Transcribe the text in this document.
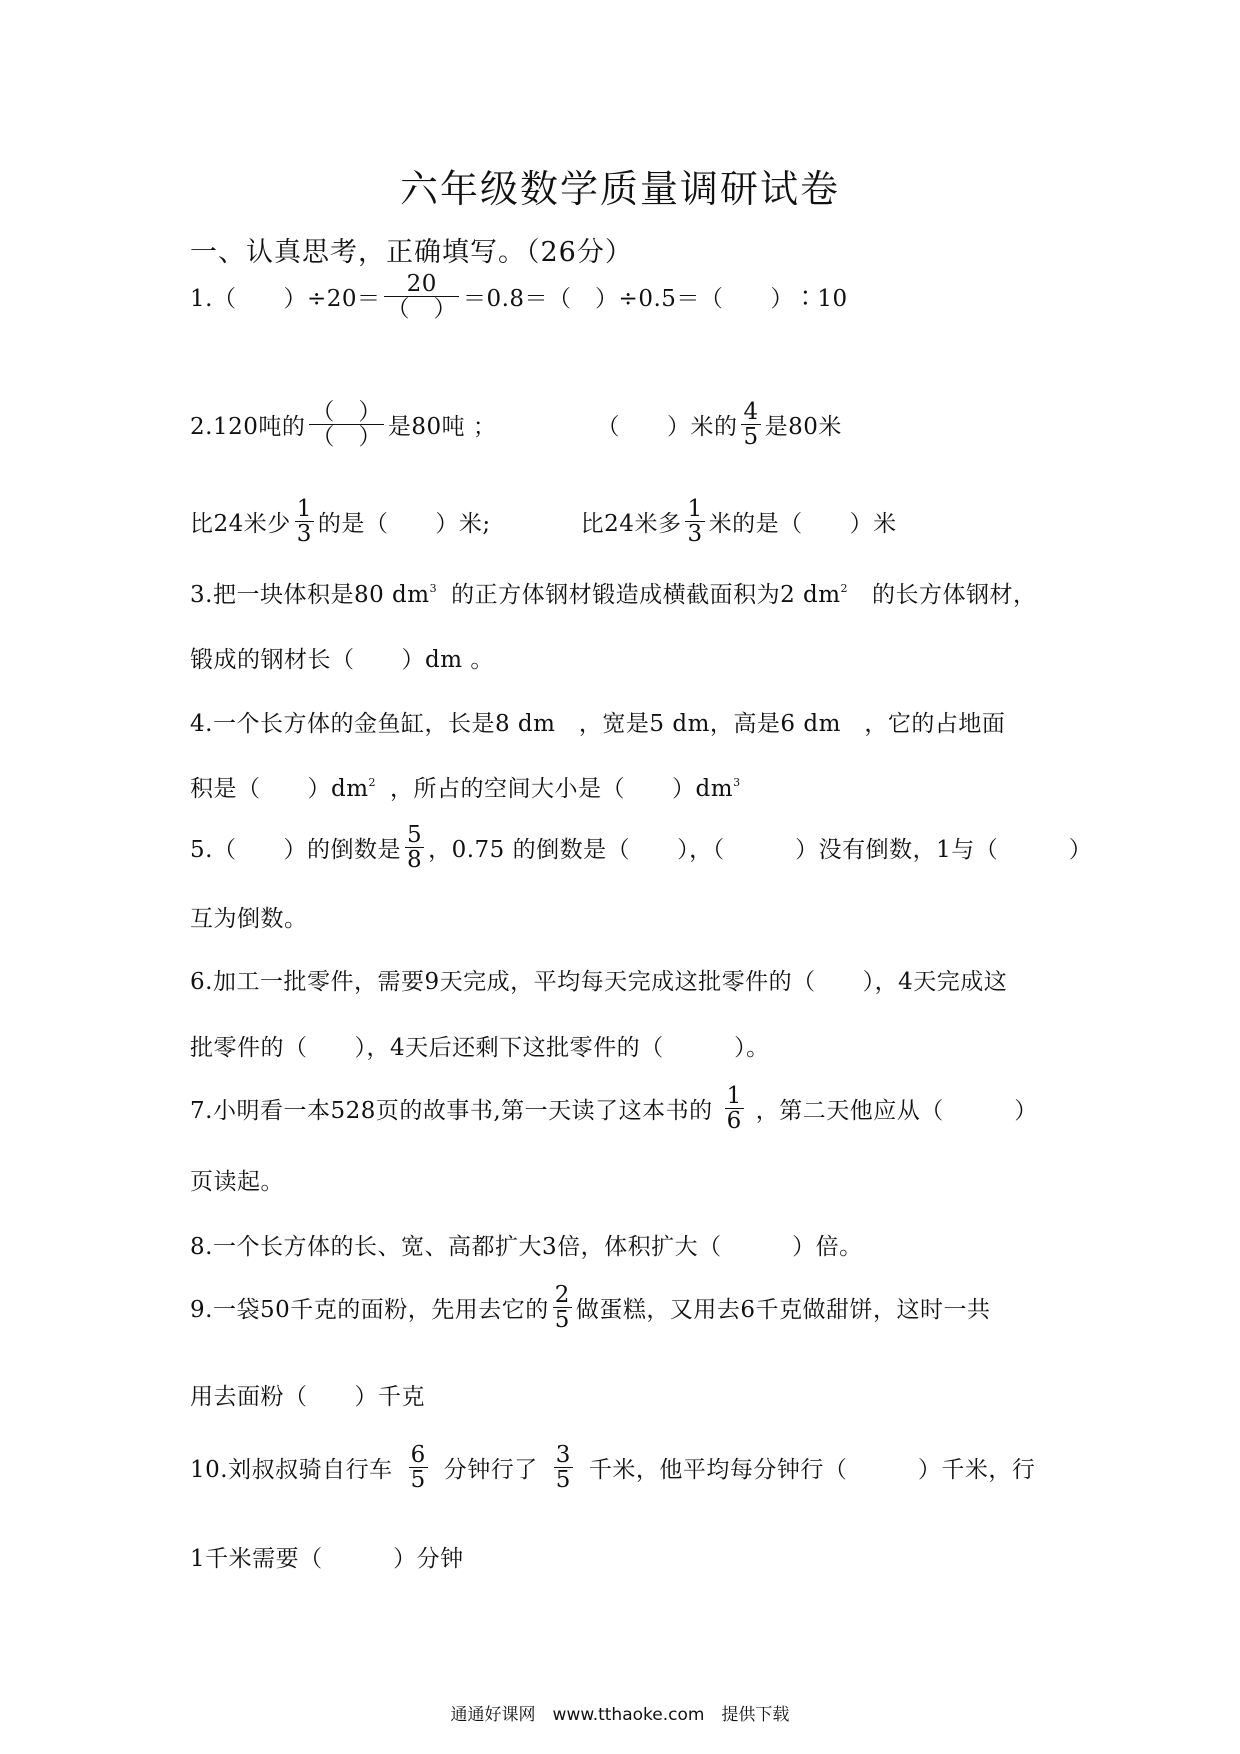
六年级数学质量调研试卷
一、认真思考，正确填写。（26分）
1.（　　）$\div 20= \frac{20}{( )} =0.8=$（　）÷0.5＝（　　）∶10
2.120吨的 $\frac{( )}{( )}$ 是80吨 ；	（　　）米的 $\frac{4}{5}$ 是80米
比24米少 $\frac{1}{3}$ 的是（　　）米;	比24米多 $\frac{1}{3}$ 米的是（　　）米
3.把一块体积是80 $dm^3$ 的正方体钢材锻造成横截面积为2 $dm^2$ 的长方体钢材，
锻成的钢材长（　　）dm 。
4.一个长方体的金鱼缸，长是8 dm　，宽是5 dm，高是6 dm　，它的占地面
积是（　　）$dm^2$ ，所占的空间大小是（　　）$dm^3$
5.（　　）的倒数是 $\frac{5}{8}$ ，0.75 的倒数是（　　），（　　　）没有倒数，1与（　　　）
互为倒数。
6.加工一批零件，需要9天完成，平均每天完成这批零件的（　　），4天完成这
批零件的（　　），4天后还剩下这批零件的（　　　）。
7.小明看一本528页的故事书,第一天读了这本书的 $\frac{1}{6}$ ，第二天他应从（　　　）
页读起。
8.一个长方体的长、宽、高都扩大3倍，体积扩大（　　　）倍。
9.一袋50千克的面粉，先用去它的 $\frac{2}{5}$ 做蛋糕，又用去6千克做甜饼，这时一共
用去面粉（　　）千克
10.刘叔叔骑自行车 $\frac{6}{5}$ 分钟行了 $\frac{3}{5}$ 千米，他平均每分钟行（　　　）千米，行
1千米需要（　　　）分钟
通通好课网　www.tthaoke.com　提供下载
